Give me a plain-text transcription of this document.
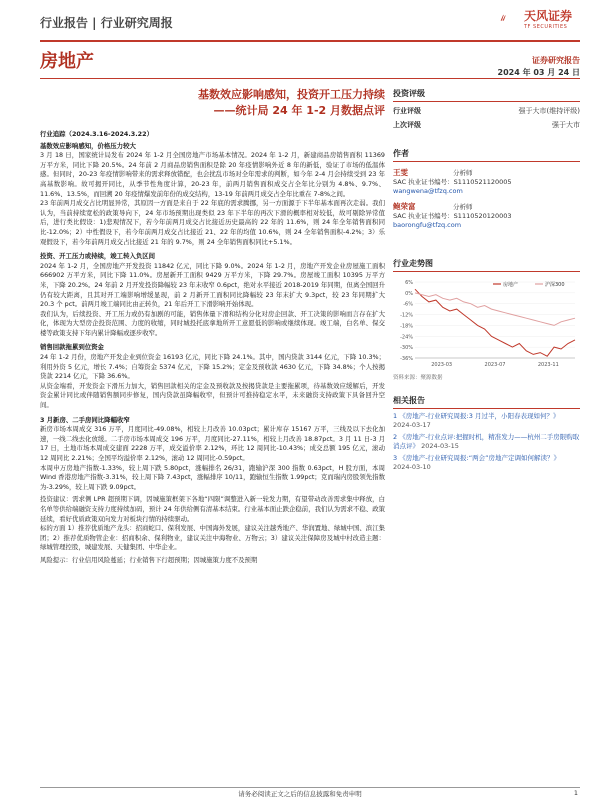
行业报告 | 行业研究周报	天风证券
TF SECURITIES
房地产	证券研究报告
2024 年 03 月 24 日
基数效应影响感知，投资开工压力持续
——统计局 24 年 1-2 月数据点评
行业追踪（2024.3.16-2024.3.22）
基数效应影响感知，价格压力较大

3 月 18 日，国家统计局发布 2024 年 1-2 月全国房地产市场基本情况。2024 年 1-2 月，新建商品房销售面积 11369 万平方米，同比下降 20.5%。24 年前 2 月商品房销售面积是除 20 年疫情影响外近 8 年的新低，验证了市场的低温体感。但同时，20-23 年疫情影响带来的需求释放错配，也会扰乱市场对全年需求的判断，如今年 2-4 月会持续受到 23 年高基数影响。故可揭开同比，从季节性角度计算，20-23 年，前两月销售面积成交占全年比分别为 4.8%、9.7%、11.6%、13.5%，而回溯 20 年疫情爆发前年份的成交结构，13-19 年前两月成交占全年比重在 7-8%之间。

23 年前两月成交占比明显异常，其原因一方面是来自于 22 年底的需求腾挪，另一方面源于下半年基本面再次走弱。我们认为，当前持续宽松的政策导向下，24 年市场预期出现类似 23 年下半年的再次下滑的概率相对较低，故可剔除异常值后，进行类比假设：1)悲观情况下，若今年前两月成交占比接近历史最高的 22 年的 11.6%，则 24 年全年销售面积同比-12.0%；2）中性假设下，若今年前两月成交占比接近 21、22 年的均值 10.6%，则 24 全年销售面积-4.2%；3）乐观假设下，若今年前两月成交占比接近 21 年的 9.7%，则 24 全年销售面积同比+5.1%。

投资、开工压力或持续，竣工转入负区间

2024 年 1-2 月，全国房地产开发投资 11842 亿元，同比下降 9.0%。2024 年 1-2 月，房地产开发企业房屋施工面积 666902 万平方米，同比下降 11.0%。房屋新开工面积 9429 万平方米，下降 29.7%。房屋竣工面积 10395 万平方米，下降 20.2%。24 年前 2 月开发投资降幅较 23 年末收窄 0.6pct，绝对水平接近 2018-2019 年同期，但离全国回升仍有较大距离，且其对开工端影响增缓显现，前 2 月新开工面积同比降幅较 23 年末扩大 9.3pct，较 23 年同期扩大 20.3 个 pct。前两月竣工端同比由正转负，21 年后开工下滑影响开始体现。

我们认为，后续投资、开工压力或仍有加剧的可能，销售体量下滑和结构分化对房企回款、开工决策的影响而言存在扩大化，体现为大型房企投资范围、力度的收缩，同时城投托底拿地所开工意愿低的影响或继续体现。竣工端，白名单、保交楼等政策支持下年内累计降幅或逐步收窄。

销售回款拖累到位资金

24 年 1-2 月份，房地产开发企业到位资金 16193 亿元，同比下降 24.1%。其中，国内贷款 3144 亿元，下降 10.3%；利用外资 5 亿元，增长 7.4%；自筹资金 5374 亿元，下降 15.2%；定金及预收款 4630 亿元，下降 34.8%；个人按揭贷款 2214 亿元，下降 36.6%。

从资金端看，开发资金下滑压力加大，销售回款相关的定金及预收款及按揭贷款是主要拖累项，待基数效应缓解后，开发资金累计同比或伴随销售额同步修复，国内贷款虽降幅收窄，但预计可推持稳定水平，未来融资支持政策下具备回升空间。

3 月新房、二手房同比降幅收窄

新房市场本周成交 316 万平，月度同比-49.08%，相较上月改善 10.03pct；累计库存 15167 万平，三线及以下去化加速，一线二线去化放缓。二手房市场本周成交 196 万平，月度同比-27.11%，相较上月改善 18.87pct。3 月 11 日-3 月 17 日，土地市场本周成交建面 2228 万平，成交溢价率 2.12%，环比 12 周同比-10.43%；成交总额 195 亿元，滚动 12 周同比 2.21%；全国平均溢价率 2.12%，滚动 12 周同比-0.59pct。

本周申万房地产指数-1.33%，较上周下跌 5.80pct，涨幅排名 26/31，跑输沪深 300 指数 0.63pct，H 股方面，本周 Wind 香港房地产指数-3.31%，较上周下降 7.43pct，涨幅排序 10/11，跑输恒生指数 1.99pct；克而瑞内房股领先指数为-3.29%，较上周下跌 9.09pct。

投资建议：需求侧 LPR 超预期下调，因城施策框架下各地“四限”调整进入新一轮发力期，有望带动改善需求集中释放，白名单等供给端融资支持力度持续加码，预计 24 年供给侧有清基本结束。行业基本面止跌企稳前，我们认为需求不稳、政策延续，看好优质政策双向发力对板块行情的持续驱动。

标的方面 1）推荐优质地产龙头：招商蛇口、保利发展、中国海外发展，建议关注越秀地产、华润置地、绿城中国、滨江集团；2）推荐优质物管企业：招商积余、保利物业，建议关注中海物业、万物云；3）建议关注保障房及城中村改造主题：绿城管理控股，城建发展、天健集团、中华企业。

风险提示：行业信用风险蔓延；行业销售下行超预期；因城施策力度不及预期

投资评级
行业评级	强于大市(维持评级)
上次评级	强于大市
作者
王雯	分析师
SAC 执业证书编号：S1110521120005
wangwena@tfzq.com
鲍荣富	分析师
SAC 执业证书编号：S1110520120003
baorongfu@tfzq.com
行业走势图
6%
0%
-6%
-12%
-18%
-24%
-30%
-36%
2023-03	2023-07	2023-11
房地产	沪深300
资料来源：聚源数据
相关报告
1 《房地产-行业研究周报:3 月过半，小阳春表现如何？》 2024-03-17
2 《房地产-行业点评:把握时机，精准发力——杭州二手房限购取消点评》 2024-03-15
3 《房地产-行业研究周报:“两会”房地产定调如何解读？》 2024-03-10
请务必阅读正文之后的信息披露和免责申明	1
